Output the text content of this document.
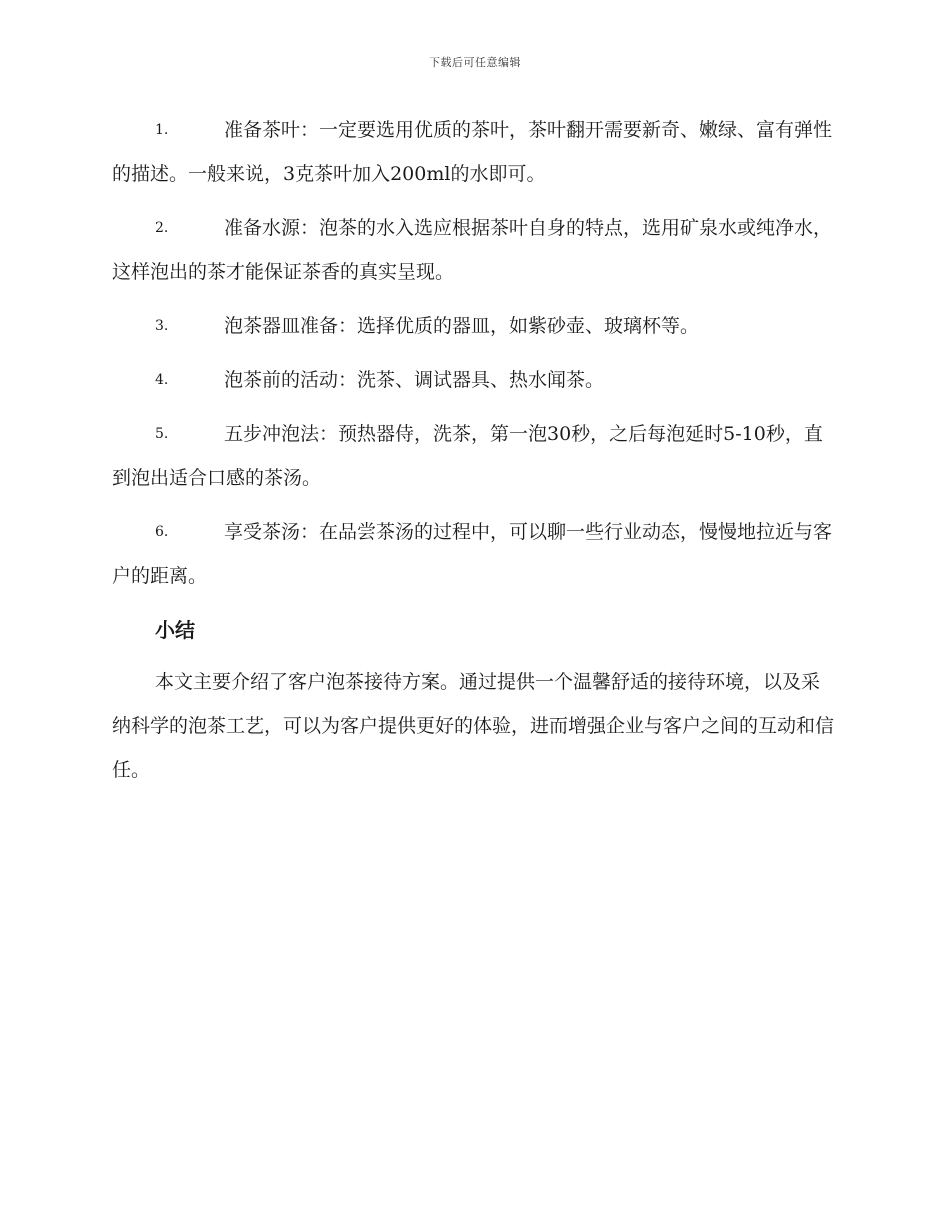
下载后可任意编辑
1.	准备茶叶：一定要选用优质的茶叶，茶叶翻开需要新奇、嫩绿、富有弹性的描述。一般来说，3克茶叶加入200ml的水即可。
2.	准备水源：泡茶的水入选应根据茶叶自身的特点，选用矿泉水或纯净水，这样泡出的茶才能保证茶香的真实呈现。
3.	泡茶器皿准备：选择优质的器皿，如紫砂壶、玻璃杯等。
4.	泡茶前的活动：洗茶、调试器具、热水闻茶。
5.	五步冲泡法：预热器侍，洗茶，第一泡30秒，之后每泡延时5-10秒，直到泡出适合口感的茶汤。
6.	享受茶汤：在品尝茶汤的过程中，可以聊一些行业动态，慢慢地拉近与客户的距离。
小结

本文主要介绍了客户泡茶接待方案。通过提供一个温馨舒适的接待环境，以及采纳科学的泡茶工艺，可以为客户提供更好的体验，进而增强企业与客户之间的互动和信任。
